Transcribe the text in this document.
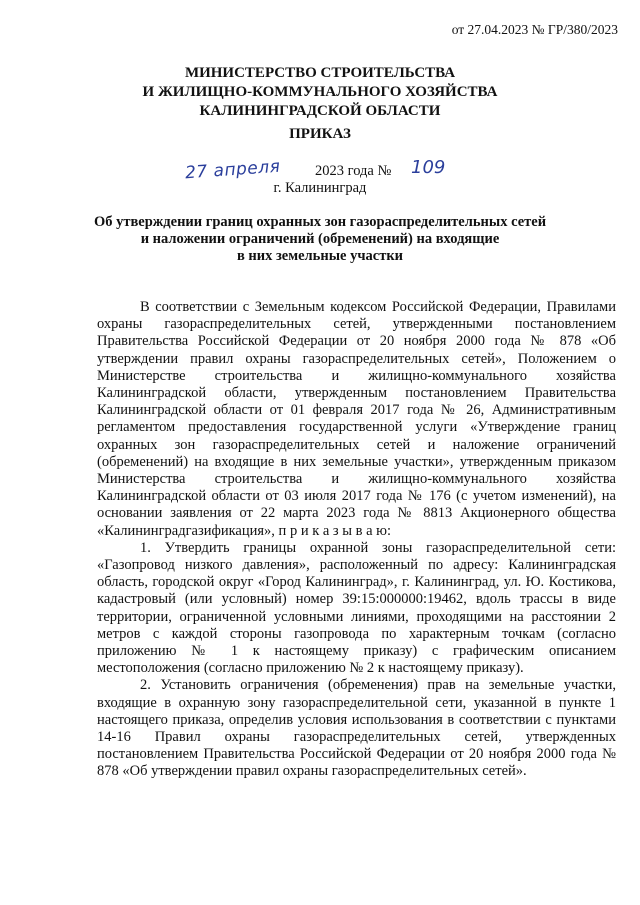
от 27.04.2023 № ГР/380/2023
МИНИСТЕРСТВО СТРОИТЕЛЬСТВА
И ЖИЛИЩНО-КОММУНАЛЬНОГО ХОЗЯЙСТВА
КАЛИНИНГРАДСКОЙ ОБЛАСТИ
ПРИКАЗ
27 апреля 2023 года № 109
г. Калининград
Об утверждении границ охранных зон газораспределительных сетей
и наложении ограничений (обременений) на входящие
в них земельные участки

В соответствии с Земельным кодексом Российской Федерации, Правилами охраны газораспределительных сетей, утвержденными постановлением Правительства Российской Федерации от 20 ноября 2000 года № 878 «Об утверждении правил охраны газораспределительных сетей», Положением о Министерстве строительства и жилищно-коммунального хозяйства Калининградской области, утвержденным постановлением Правительства Калининградской области от 01 февраля 2017 года № 26, Административным регламентом предоставления государственной услуги «Утверждение границ охранных зон газораспределительных сетей и наложение ограничений (обременений) на входящие в них земельные участки», утвержденным приказом Министерства строительства и жилищно-коммунального хозяйства Калининградской области от 03 июля 2017 года № 176 (с учетом изменений), на основании заявления от 22 марта 2023 года № 8813 Акционерного общества «Калининградгазификация», п р и к а з ы в а ю:

1. Утвердить границы охранной зоны газораспределительной сети: «Газопровод низкого давления», расположенный по адресу: Калининградская область, городской округ «Город Калининград», г. Калининград, ул. Ю. Костикова, кадастровый (или условный) номер 39:15:000000:19462, вдоль трассы в виде территории, ограниченной условными линиями, проходящими на расстоянии 2 метров с каждой стороны газопровода по характерным точкам (согласно приложению № 1 к настоящему приказу) с графическим описанием местоположения (согласно приложению № 2 к настоящему приказу).

2. Установить ограничения (обременения) прав на земельные участки, входящие в охранную зону газораспределительной сети, указанной в пункте 1 настоящего приказа, определив условия использования в соответствии с пунктами 14-16 Правил охраны газораспределительных сетей, утвержденных постановлением Правительства Российской Федерации от 20 ноября 2000 года № 878 «Об утверждении правил охраны газораспределительных сетей».
